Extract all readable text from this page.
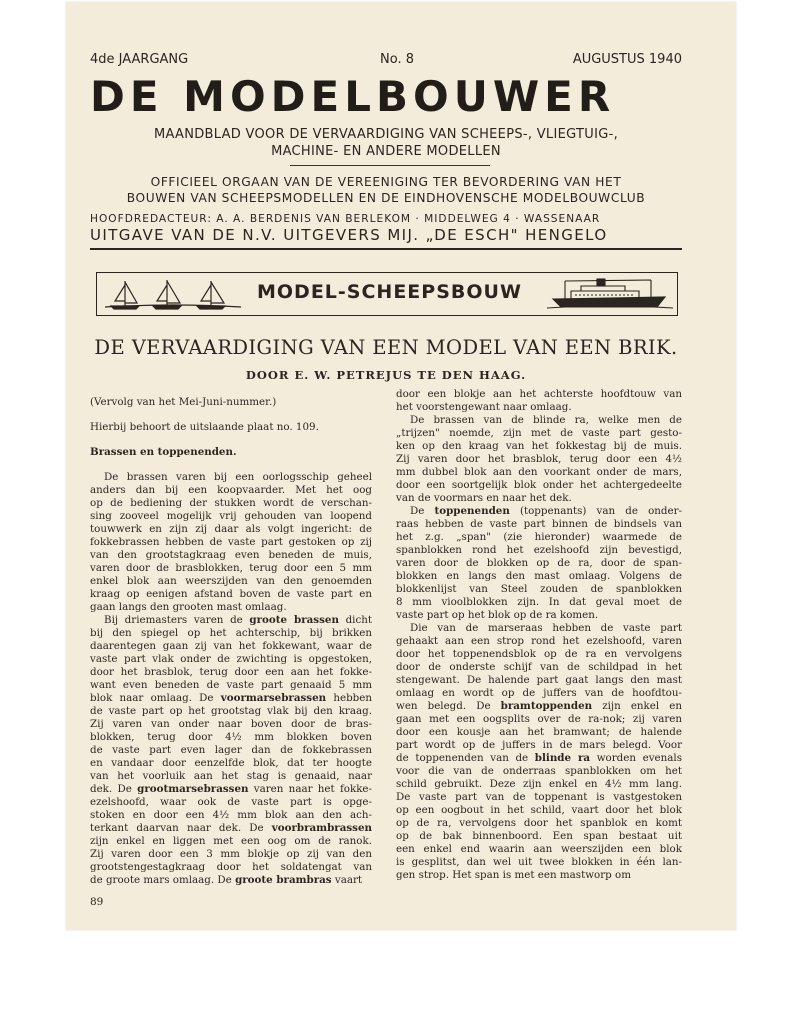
4de JAARGANG	No. 8	AUGUSTUS 1940
DE MODELBOUWER
MAANDBLAD VOOR DE VERVAARDIGING VAN SCHEEPS-, VLIEGTUIG-,
MACHINE- EN ANDERE MODELLEN
OFFICIEEL ORGAAN VAN DE VEREENIGING TER BEVORDERING VAN HET
BOUWEN VAN SCHEEPSMODELLEN EN DE EINDHOVENSCHE MODELBOUWCLUB
HOOFDREDACTEUR: A. A. BERDENIS VAN BERLEKOM · MIDDELWEG 4 · WASSENAAR
UITGAVE VAN DE N.V. UITGEVERS MIJ. „DE ESCH" HENGELO
MODEL-SCHEEPSBOUW
DE VERVAARDIGING VAN EEN MODEL VAN EEN BRIK.
DOOR E. W. PETREJUS TE DEN HAAG.

(Vervolg van het Mei-Juni-nummer.)

Hierbij behoort de uitslaande plaat no. 109.

Brassen en toppenenden.

De brassen varen bij een oorlogsschip geheel

anders dan bij een koopvaarder. Met het oog

op de bediening der stukken wordt de verschan-

sing zooveel mogelijk vrij gehouden van loopend

touwwerk en zijn zij daar als volgt ingericht: de

fokkebrassen hebben de vaste part gestoken op zij

van den grootstagkraag even beneden de muis,

varen door de brasblokken, terug door een 5 mm

enkel blok aan weerszijden van den genoemden

kraag op eenigen afstand boven de vaste part en

gaan langs den grooten mast omlaag.

Bij driemasters varen de groote brassen dicht

bij den spiegel op het achterschip, bij brikken

daarentegen gaan zij van het fokkewant, waar de

vaste part vlak onder de zwichting is opgestoken,

door het brasblok, terug door een aan het fokke-

want even beneden de vaste part genaaid 5 mm

blok naar omlaag. De voormarsebrassen hebben

de vaste part op het grootstag vlak bij den kraag.

Zij varen van onder naar boven door de bras-

blokken, terug door 4½ mm blokken boven

de vaste part even lager dan de fokkebrassen

en vandaar door eenzelfde blok, dat ter hoogte

van het voorluik aan het stag is genaaid, naar

dek. De grootmarsebrassen varen naar het fokke-

ezelshoofd, waar ook de vaste part is opge-

stoken en door een 4½ mm blok aan den ach-

terkant daarvan naar dek. De voorbrambrassen

zijn enkel en liggen met een oog om de ranok.

Zij varen door een 3 mm blokje op zij van den

grootstengestagkraag door het soldatengat van

de groote mars omlaag. De groote brambras vaart

door een blokje aan het achterste hoofdtouw van

het voorstengewant naar omlaag.

De brassen van de blinde ra, welke men de

„trijzen" noemde, zijn met de vaste part gesto-

ken op den kraag van het fokkestag bij de muis.

Zij varen door het brasblok, terug door een 4½

mm dubbel blok aan den voorkant onder de mars,

door een soortgelijk blok onder het achtergedeelte

van de voormars en naar het dek.

De toppenenden (toppenants) van de onder-

raas hebben de vaste part binnen de bindsels van

het z.g. „span" (zie hieronder) waarmede de

spanblokken rond het ezelshoofd zijn bevestigd,

varen door de blokken op de ra, door de span-

blokken en langs den mast omlaag. Volgens de

blokkenlijst van Steel zouden de spanblokken

8 mm vioolblokken zijn. In dat geval moet de

vaste part op het blok op de ra komen.

Die van de marseraas hebben de vaste part

gehaakt aan een strop rond het ezelshoofd, varen

door het toppenendsblok op de ra en vervolgens

door de onderste schijf van de schildpad in het

stengewant. De halende part gaat langs den mast

omlaag en wordt op de juffers van de hoofdtou-

wen belegd. De bramtoppenden zijn enkel en

gaan met een oogsplits over de ra-nok; zij varen

door een kousje aan het bramwant; de halende

part wordt op de juffers in de mars belegd. Voor

de toppenenden van de blinde ra worden evenals

voor die van de onderraas spanblokken om het

schild gebruikt. Deze zijn enkel en 4½ mm lang.

De vaste part van de toppenant is vastgestoken

op een oogbout in het schild, vaart door het blok

op de ra, vervolgens door het spanblok en komt

op de bak binnenboord. Een span bestaat uit

een enkel end waarin aan weerszijden een blok

is gesplitst, dan wel uit twee blokken in één lan-

gen strop. Het span is met een mastworp om

89
